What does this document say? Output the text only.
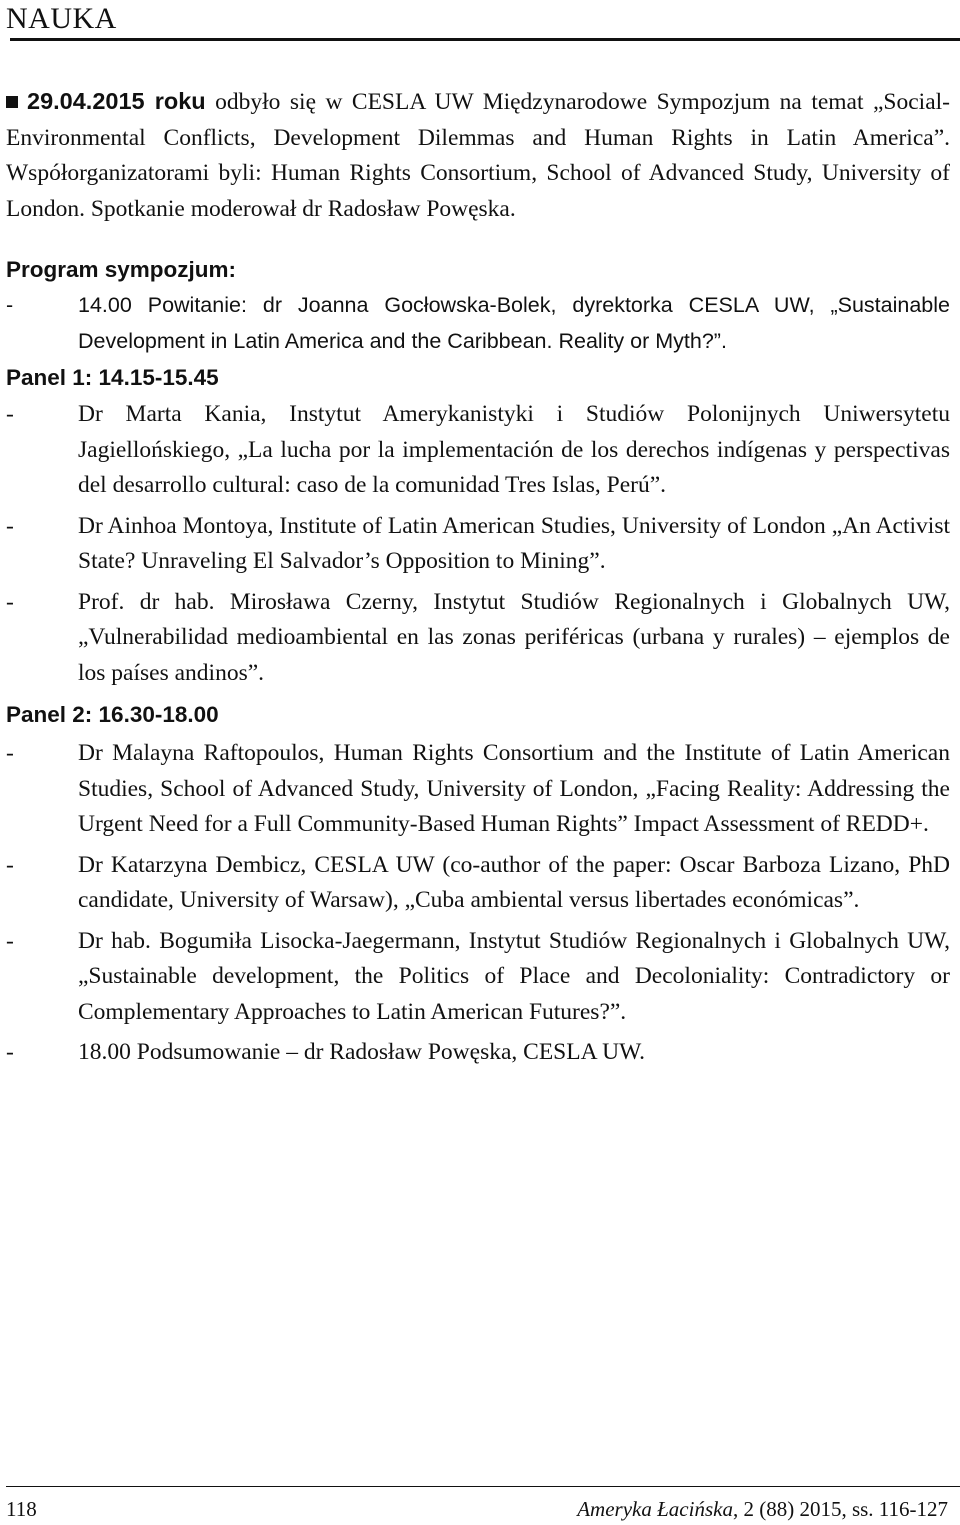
NAUKA

29.04.2015 roku odbyło się w CESLA UW Międzynarodowe Sympozjum na temat „Social-Environmental Conflicts, Development Dilemmas and Human Rights in Latin America”. Współorganizatorami byli: Human Rights Consortium, School of Advanced Study, University of London. Spotkanie moderował dr Radosław Powęska.

Program sympozjum:

-	14.00 Powitanie: dr Joanna Gocłowska-Bolek, dyrektorka CESLA UW, „Sustainable Development in Latin America and the Caribbean. Reality or Myth?”.

Panel 1: 14.15-15.45

-	Dr Marta Kania, Instytut Amerykanistyki i Studiów Polonijnych Uniwersytetu Jagiellońskiego, „La lucha por la implementación de los derechos indígenas y perspectivas del desarrollo cultural: caso de la comunidad Tres Islas, Perú”.

-	Dr Ainhoa Montoya, Institute of Latin American Studies, University of London „An Activist State? Unraveling El Salvador’s Opposition to Mining”.

-	Prof. dr hab. Mirosława Czerny, Instytut Studiów Regionalnych i Globalnych UW, „Vulnerabilidad medioambiental en las zonas periféricas (urbana y rurales) – ejemplos de los países andinos”.

Panel 2: 16.30-18.00

-	Dr Malayna Raftopoulos, Human Rights Consortium and the Institute of Latin American Studies, School of Advanced Study, University of London, „Facing Reality: Addressing the Urgent Need for a Full Community-Based Human Rights” Impact Assessment of REDD+.

-	Dr Katarzyna Dembicz, CESLA UW (co-author of the paper: Oscar Barboza Lizano, PhD candidate, University of Warsaw), „Cuba ambiental versus libertades económicas”.

-	Dr hab. Bogumiła Lisocka-Jaegermann, Instytut Studiów Regionalnych i Globalnych UW, „Sustainable development, the Politics of Place and Decoloniality: Contradictory or Complementary Approaches to Latin American Futures?”.

-	18.00 Podsumowanie – dr Radosław Powęska, CESLA UW.

118	Ameryka Łacińska, 2 (88) 2015, ss. 116-127
